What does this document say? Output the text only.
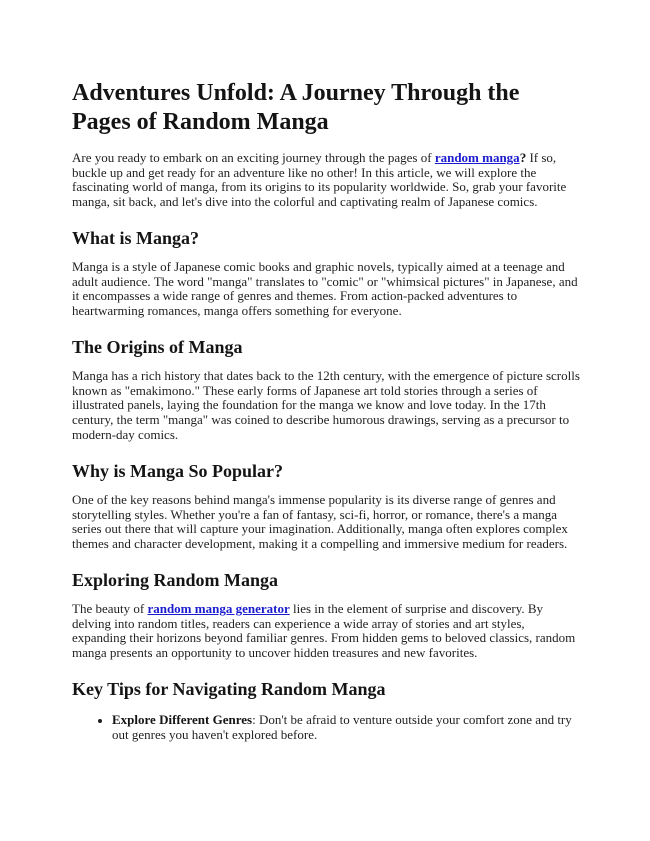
Adventures Unfold: A Journey Through the Pages of Random Manga

Are you ready to embark on an exciting journey through the pages of random manga? If so, buckle up and get ready for an adventure like no other! In this article, we will explore the fascinating world of manga, from its origins to its popularity worldwide. So, grab your favorite manga, sit back, and let's dive into the colorful and captivating realm of Japanese comics.

What is Manga?

Manga is a style of Japanese comic books and graphic novels, typically aimed at a teenage and adult audience. The word "manga" translates to "comic" or "whimsical pictures" in Japanese, and it encompasses a wide range of genres and themes. From action-packed adventures to heartwarming romances, manga offers something for everyone.

The Origins of Manga

Manga has a rich history that dates back to the 12th century, with the emergence of picture scrolls known as "emakimono." These early forms of Japanese art told stories through a series of illustrated panels, laying the foundation for the manga we know and love today. In the 17th century, the term "manga" was coined to describe humorous drawings, serving as a precursor to modern-day comics.

Why is Manga So Popular?

One of the key reasons behind manga's immense popularity is its diverse range of genres and storytelling styles. Whether you're a fan of fantasy, sci-fi, horror, or romance, there's a manga series out there that will capture your imagination. Additionally, manga often explores complex themes and character development, making it a compelling and immersive medium for readers.

Exploring Random Manga

The beauty of random manga generator lies in the element of surprise and discovery. By delving into random titles, readers can experience a wide array of stories and art styles, expanding their horizons beyond familiar genres. From hidden gems to beloved classics, random manga presents an opportunity to uncover hidden treasures and new favorites.

Key Tips for Navigating Random Manga
• Explore Different Genres: Don't be afraid to venture outside your comfort zone and try out genres you haven't explored before.
